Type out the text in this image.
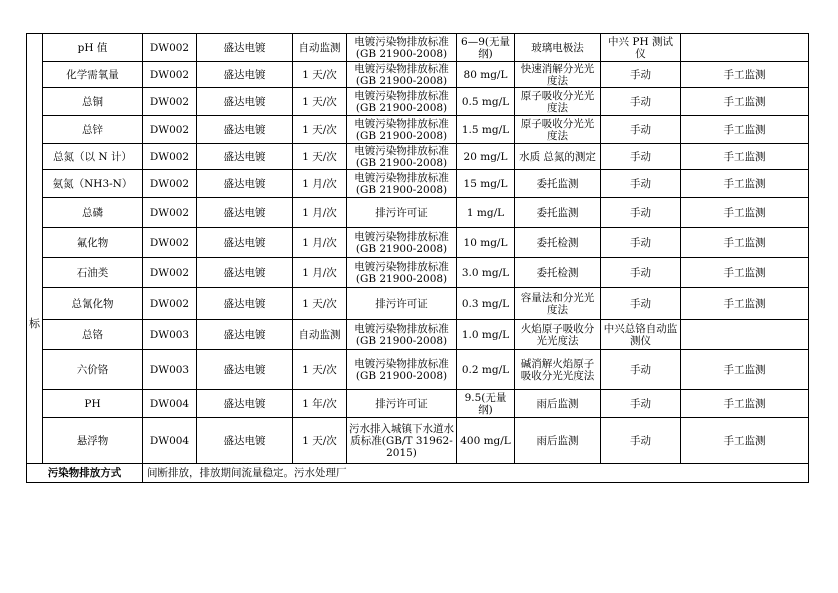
标	pH 值	DW002	盛达电镀	自动监测	电镀污染物排放标准(GB 21900-2008)	6—9(无量纲)	玻璃电极法	中兴 PH 测试仪	
	化学需氧量	DW002	盛达电镀	1 天/次	电镀污染物排放标准(GB 21900-2008)	80 mg/L	快速消解分光光度法	手动	手工监测
	总铜	DW002	盛达电镀	1 天/次	电镀污染物排放标准(GB 21900-2008)	0.5 mg/L	原子吸收分光光度法	手动	手工监测
	总锌	DW002	盛达电镀	1 天/次	电镀污染物排放标准(GB 21900-2008)	1.5 mg/L	原子吸收分光光度法	手动	手工监测
	总氮（以 N 计）	DW002	盛达电镀	1 天/次	电镀污染物排放标准(GB 21900-2008)	20 mg/L	水质 总氮的测定	手动	手工监测
	氨氮（NH3-N）	DW002	盛达电镀	1 月/次	电镀污染物排放标准(GB 21900-2008)	15 mg/L	委托监测	手动	手工监测
	总磷	DW002	盛达电镀	1 月/次	排污许可证	1 mg/L	委托监测	手动	手工监测
	氟化物	DW002	盛达电镀	1 月/次	电镀污染物排放标准(GB 21900-2008)	10 mg/L	委托检测	手动	手工监测
	石油类	DW002	盛达电镀	1 月/次	电镀污染物排放标准(GB 21900-2008)	3.0 mg/L	委托检测	手动	手工监测
	总氰化物	DW002	盛达电镀	1 天/次	排污许可证	0.3 mg/L	容量法和分光光度法	手动	手工监测
	总铬	DW003	盛达电镀	自动监测	电镀污染物排放标准(GB 21900-2008)	1.0 mg/L	火焰原子吸收分光光度法	中兴总铬自动监测仪	
	六价铬	DW003	盛达电镀	1 天/次	电镀污染物排放标准(GB 21900-2008)	0.2 mg/L	碱消解火焰原子吸收分光光度法	手动	手工监测
	PH	DW004	盛达电镀	1 年/次	排污许可证	9.5(无量纲)	雨后监测	手动	手工监测
	悬浮物	DW004	盛达电镀	1 天/次	污水排入城镇下水道水质标准(GB/T 31962-2015)	400 mg/L	雨后监测	手动	手工监测
污染物排放方式		间断排放，排放期间流量稳定。污水处理厂							
